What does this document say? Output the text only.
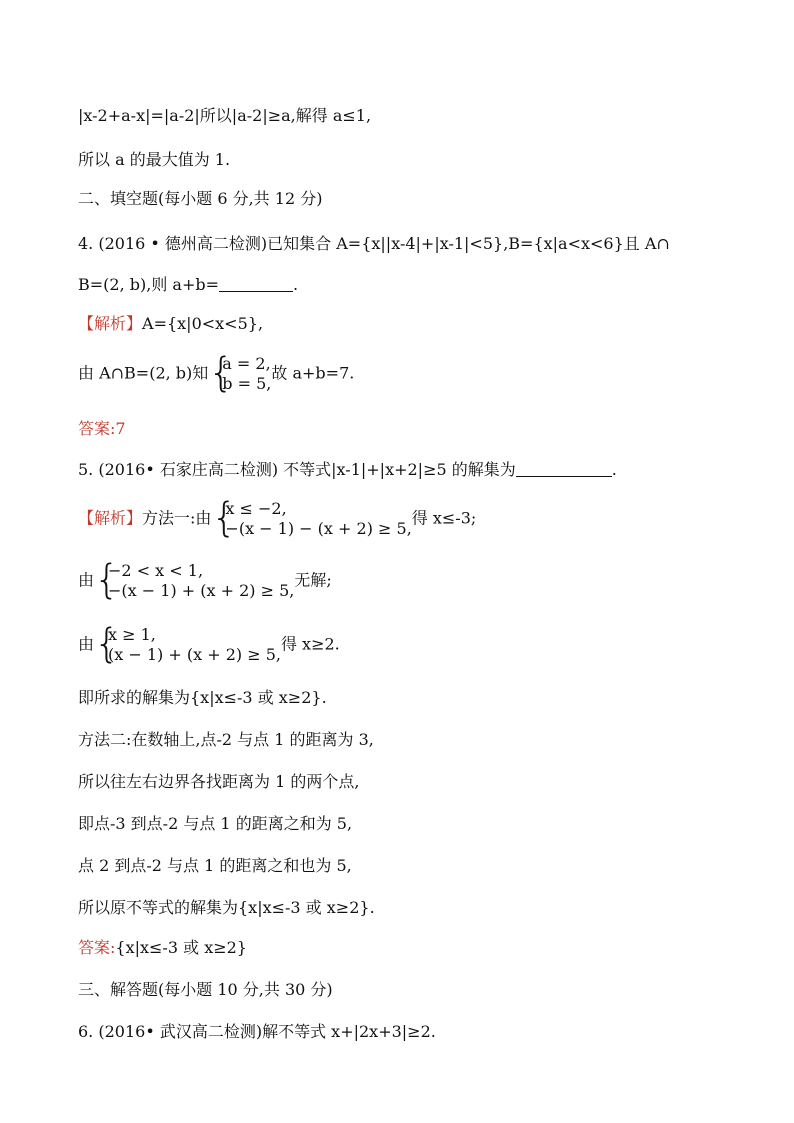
|x-2+a-x|=|a-2|所以|a-2|≥a,解得 a≤1,
所以 a 的最大值为 1.
二、填空题(每小题 6 分,共 12 分)
4. (2016 • 德州高二检测)已知集合 A={x||x-4|+|x-1|<5},B={x|a<x<6}且 A∩
B=(2, b),则 a+b=	.
【解析】A={x|0<x<5},
由 A∩B=(2, b)知 {
a = 2,
b = 5,
故 a+b=7.
答案:7
5. (2016• 石家庄高二检测) 不等式|x-1|+|x+2|≥5 的解集为	.
【解析】方法一:由 {
x ≤ −2,
−(x − 1) − (x + 2) ≥ 5,
得 x≤-3;
由 {
−2 < x < 1,
−(x − 1) + (x + 2) ≥ 5,
无解;
由 {
x ≥ 1,
(x − 1) + (x + 2) ≥ 5,
得 x≥2.
即所求的解集为{x|x≤-3 或 x≥2}.
方法二:在数轴上,点-2 与点 1 的距离为 3,
所以往左右边界各找距离为 1 的两个点,
即点-3 到点-2 与点 1 的距离之和为 5,
点 2 到点-2 与点 1 的距离之和也为 5,
所以原不等式的解集为{x|x≤-3 或 x≥2}.
答案:{x|x≤-3 或 x≥2}
三、解答题(每小题 10 分,共 30 分)
6. (2016• 武汉高二检测)解不等式 x+|2x+3|≥2.
